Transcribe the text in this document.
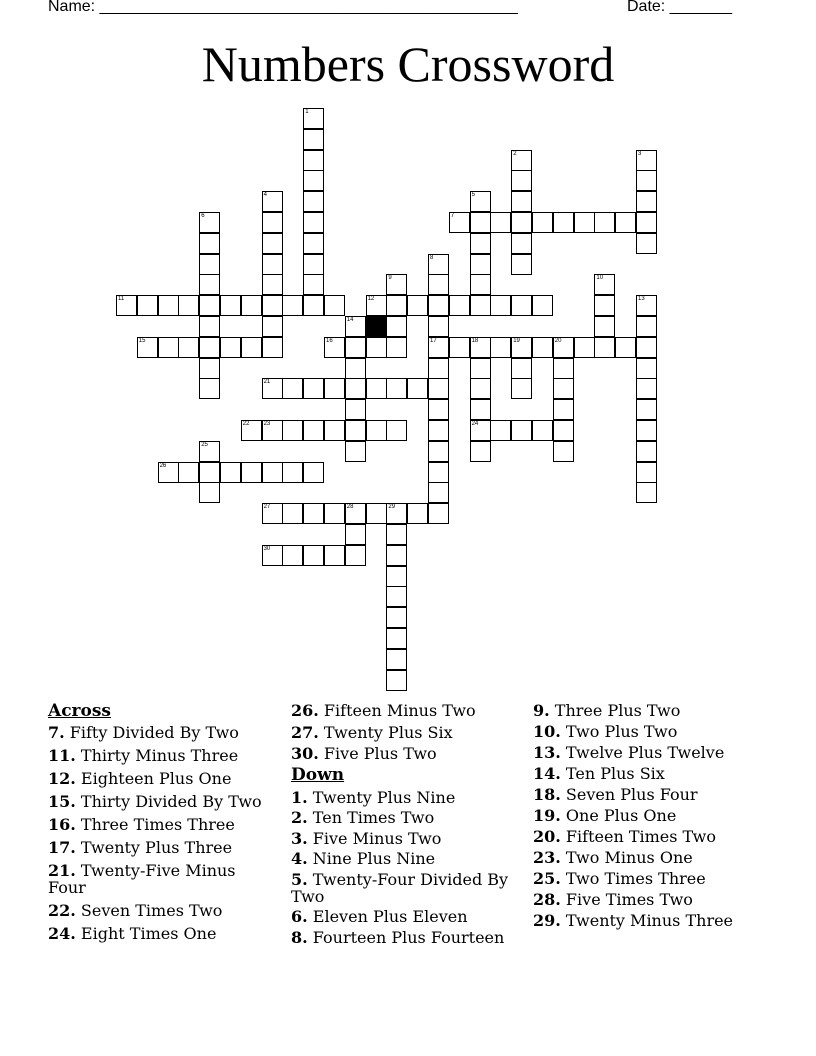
Name: _______________________________________________	Date: _______
Numbers Crossword
1
2	3
4	5
6	7
8
17
9	10
11	12	13
14
15	16	18	19	20
24
21
22 23
25
26
27	28	29
30
Across
7. Fifty Divided By Two
11. Thirty Minus Three
12. Eighteen Plus One
15. Thirty Divided By Two
16. Three Times Three
17. Twenty Plus Three
21. Twenty-Five Minus Four
22. Seven Times Two
24. Eight Times One
26. Fifteen Minus Two
27. Twenty Plus Six
30. Five Plus Two
1. Twenty Plus Nine
2. Ten Times Two
3. Five Minus Two
4. Nine Plus Nine
5. Twenty-Four Divided By Two
6. Eleven Plus Eleven
8. Fourteen Plus Fourteen
Down
9. Three Plus Two
10. Two Plus Two
13. Twelve Plus Twelve
14. Ten Plus Six
18. Seven Plus Four
19. One Plus One
20. Fifteen Times Two
23. Two Minus One
25. Two Times Three
28. Five Times Two
29. Twenty Minus Three
